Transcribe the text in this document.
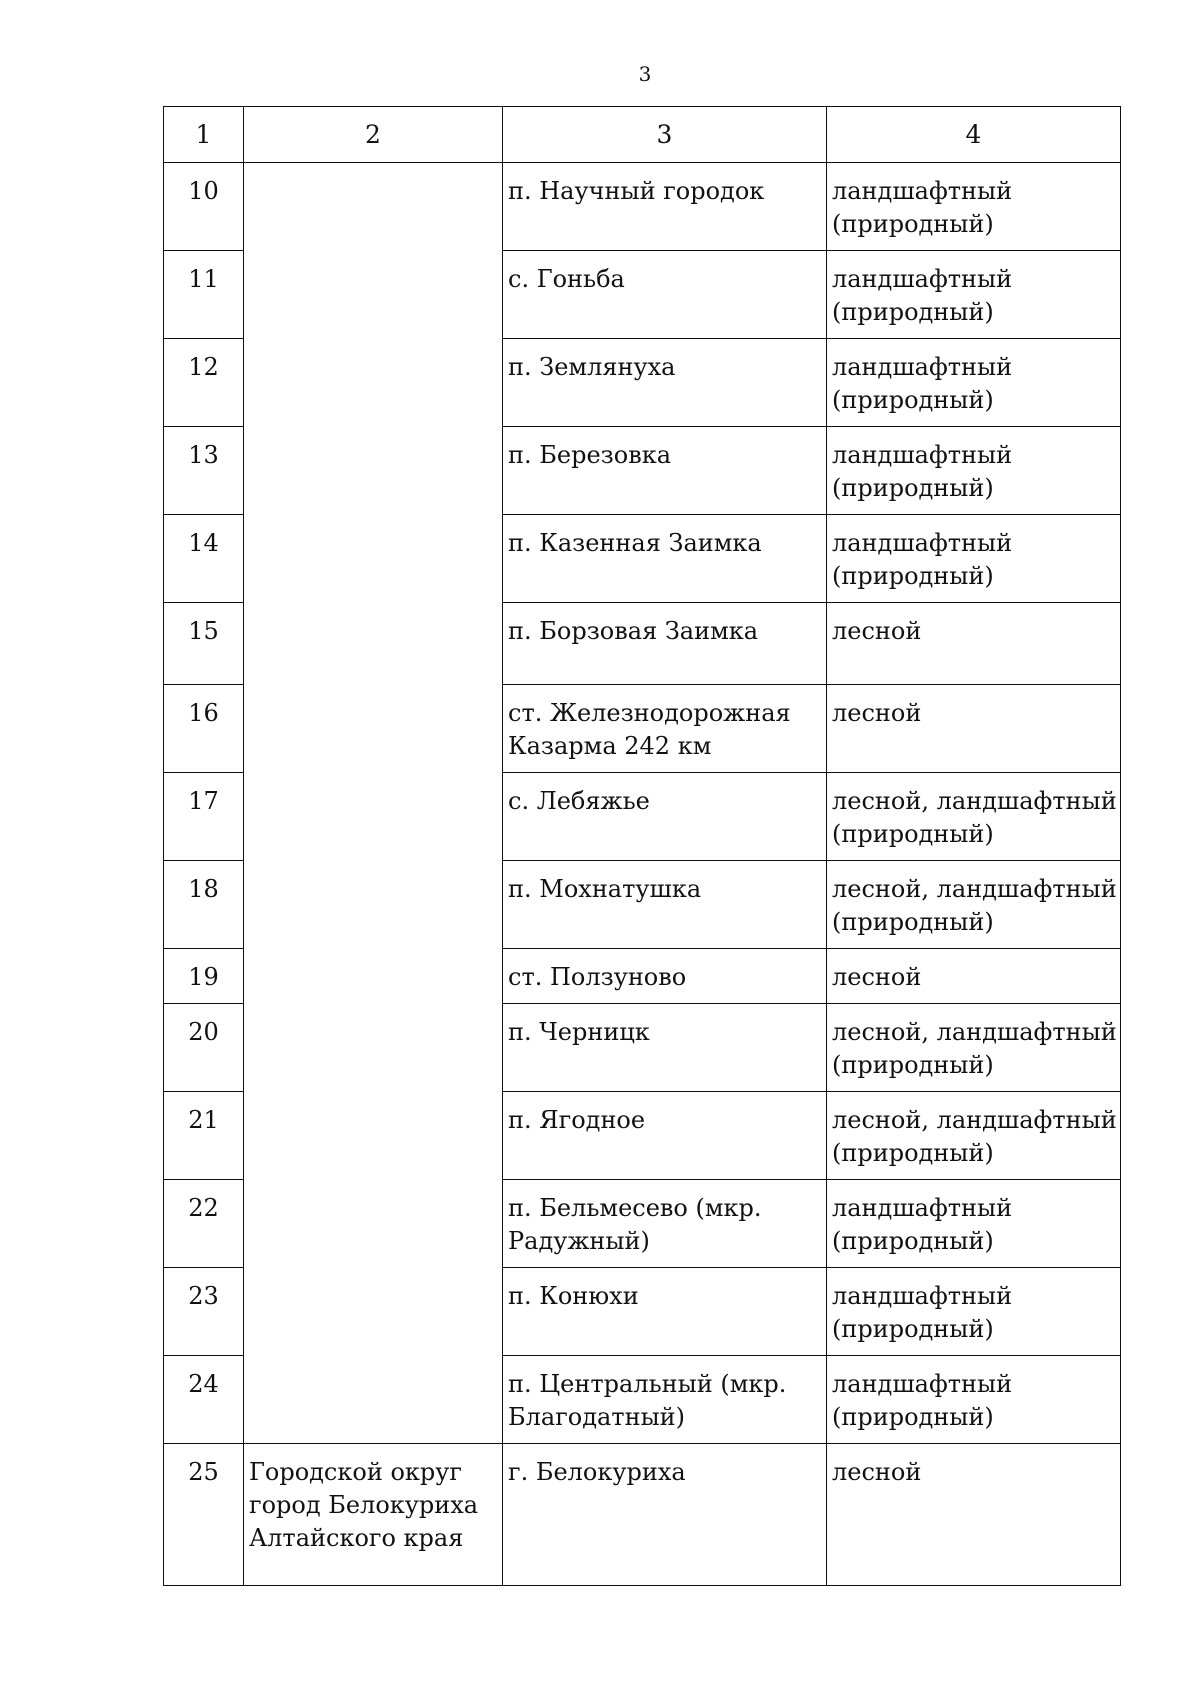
3
1	2	3	4
10		п. Научный городок	ландшафтный (природный)
11		с. Гоньба	ландшафтный (природный)
12		п. Землянуха	ландшафтный (природный)
13		п. Березовка	ландшафтный (природный)
14		п. Казенная Заимка	ландшафтный (природный)
15		п. Борзовая Заимка	лесной
16		ст. Железнодорожная Казарма 242 км	лесной
17		с. Лебяжье	лесной, ландшафтный (природный)
18		п. Мохнатушка	лесной, ландшафтный (природный)
19		ст. Ползуново	лесной
20		п. Черницк	лесной, ландшафтный (природный)
21		п. Ягодное	лесной, ландшафтный (природный)
22		п. Бельмесево (мкр. Радужный)	ландшафтный (природный)
23		п. Конюхи	ландшафтный (природный)
24		п. Центральный (мкр. Благодатный)	ландшафтный (природный)
25	Городской округ город Белокуриха Алтайского края	г. Белокуриха	лесной
